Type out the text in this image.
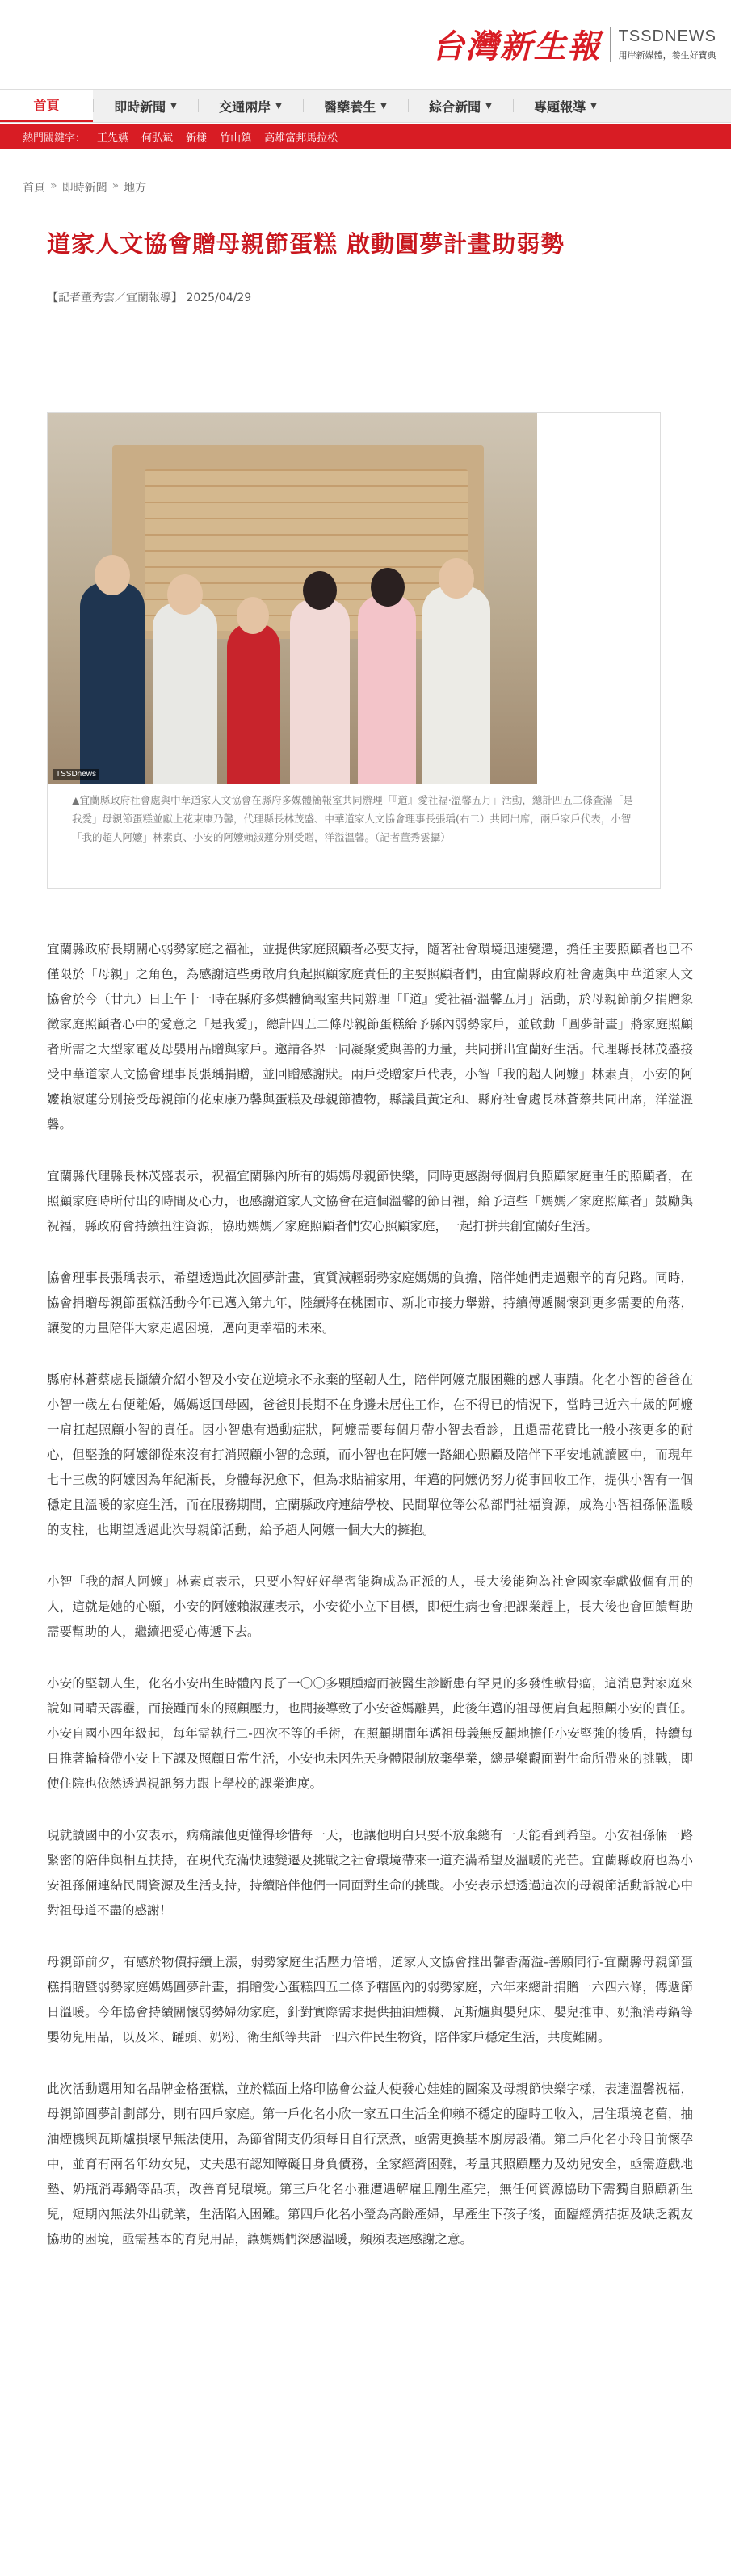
台灣新生報 TSSDNEWS
用岸新媒體，養生好寶典
首頁	即時新聞 ▼	交通兩岸 ▼	醫藥養生 ▼	綜合新聞 ▼	專題報導 ▼
熱門關鍵字： 王先嬿 何弘斌 新樣 竹山鎮 高雄富邦馬拉松
首頁 » 即時新聞 » 地方
道家人文協會贈母親節蛋糕 啟動圓夢計畫助弱勢
【記者董秀雲／宜蘭報導】 2025/04/29
TSSDnews
▲宜蘭縣政府社會處與中華道家人文協會在縣府多媒體簡報室共同辦理「『道』愛社福‧溫馨五月」活動，總計四五二條查滿「是我愛」母親節蛋糕並獻上花束康乃馨，代理縣長林茂盛、中華道家人文協會理事長張瑀(右二）共同出席，兩戶家戶代表，小智「我的超人阿嬤」林素貞、小安的阿嬤賴淑蓮分別受贈，洋溢溫馨。（記者董秀雲攝）

宜蘭縣政府長期關心弱勢家庭之福祉，並提供家庭照顧者必要支持，隨著社會環境迅速變遷，擔任主要照顧者也已不僅限於「母親」之角色，為感謝這些勇敢肩負起照顧家庭責任的主要照顧者們，由宜蘭縣政府社會處與中華道家人文協會於今（廿九）日上午十一時在縣府多媒體簡報室共同辦理「『道』愛社福‧溫馨五月」活動，於母親節前夕捐贈象徵家庭照顧者心中的愛意之「是我愛」，總計四五二條母親節蛋糕給予縣內弱勢家戶，並啟動「圓夢計畫」將家庭照顧者所需之大型家電及母嬰用品贈與家戶。邀請各界一同凝聚愛與善的力量，共同拼出宜蘭好生活。代理縣長林茂盛接受中華道家人文協會理事長張瑀捐贈，並回贈感謝狀。兩戶受贈家戶代表，小智「我的超人阿嬤」林素貞，小安的阿嬤賴淑蓮分別接受母親節的花束康乃馨與蛋糕及母親節禮物，縣議員黃定和、縣府社會處長林蒼蔡共同出席，洋溢溫馨。

宜蘭縣代理縣長林茂盛表示，祝福宜蘭縣內所有的媽媽母親節快樂，同時更感謝每個肩負照顧家庭重任的照顧者，在照顧家庭時所付出的時間及心力，也感謝道家人文協會在這個溫馨的節日裡，給予這些「媽媽／家庭照顧者」鼓勵與祝福，縣政府會持續扭注資源，協助媽媽／家庭照顧者們安心照顧家庭，一起打拼共創宜蘭好生活。

協會理事長張瑀表示，希望透過此次圓夢計畫，實質減輕弱勢家庭媽媽的負擔，陪伴她們走過艱辛的育兒路。同時，協會捐贈母親節蛋糕活動今年已邁入第九年，陸續將在桃園市、新北市接力舉辦，持續傳遞關懷到更多需要的角落，讓愛的力量陪伴大家走過困境，邁向更幸福的未來。

縣府林蒼蔡處長擷續介紹小智及小安在逆境永不永棄的堅韌人生，陪伴阿嬤克服困難的感人事蹟。化名小智的爸爸在小智一歲左右便離婚，媽媽返回母國，爸爸則長期不在身邊未居住工作，在不得已的情況下，當時已近六十歲的阿嬤一肩扛起照顧小智的責任。因小智患有過動症狀，阿嬤需要每個月帶小智去看診，且還需花費比一般小孩更多的耐心，但堅強的阿嬤卻從來沒有打消照顧小智的念頭，而小智也在阿嬤一路細心照顧及陪伴下平安地就讀國中，而現年七十三歲的阿嬤因為年紀漸長，身體每況愈下，但為求貼補家用，年邁的阿嬤仍努力從事回收工作，提供小智有一個穩定且溫暖的家庭生活，而在服務期間，宜蘭縣政府連結學校、民間單位等公私部門社福資源，成為小智祖孫倆溫暖的支柱，也期望透過此次母親節活動，給予超人阿嬤一個大大的擁抱。

小智「我的超人阿嬤」林素貞表示，只要小智好好學習能夠成為正派的人，長大後能夠為社會國家奉獻做個有用的人，這就是她的心願，小安的阿嬤賴淑蓮表示，小安從小立下目標，即便生病也會把課業趕上，長大後也會回饋幫助需要幫助的人，繼續把愛心傳遞下去。

小安的堅韌人生，化名小安出生時體內長了一〇〇多顆腫瘤而被醫生診斷患有罕見的多發性軟骨瘤，這消息對家庭來說如同晴天霹靂，而接踵而來的照顧壓力，也間接導致了小安爸媽離異，此後年邁的祖母便肩負起照顧小安的責任。小安自國小四年級起，每年需執行二-四次不等的手術，在照顧期間年邁祖母義無反顧地擔任小安堅強的後盾，持續每日推著輪椅帶小安上下課及照顧日常生活，小安也未因先天身體限制放棄學業，總是樂觀面對生命所帶來的挑戰，即使住院也依然透過視訊努力跟上學校的課業進度。

現就讀國中的小安表示，病痛讓他更懂得珍惜每一天，也讓他明白只要不放棄總有一天能看到希望。小安祖孫倆一路緊密的陪伴與相互扶持，在現代充滿快速變遷及挑戰之社會環境帶來一道充滿希望及溫暖的光芒。宜蘭縣政府也為小安祖孫倆連結民間資源及生活支持，持續陪伴他們一同面對生命的挑戰。小安表示想透過這次的母親節活動訴說心中對祖母道不盡的感謝！

母親節前夕，有感於物價持續上漲，弱勢家庭生活壓力倍增，道家人文協會推出馨香滿溢-善願同行-宜蘭縣母親節蛋糕捐贈暨弱勢家庭媽媽圓夢計畫，捐贈愛心蛋糕四五二條予轄區內的弱勢家庭，六年來總計捐贈一六四六條，傳遞節日溫暖。今年協會持續關懷弱勢婦幼家庭，針對實際需求提供抽油煙機、瓦斯爐與嬰兒床、嬰兒推車、奶瓶消毒鍋等嬰幼兒用品，以及米、罐頭、奶粉、衛生紙等共計一四六件民生物資，陪伴家戶穩定生活，共度難關。

此次活動選用知名品牌金格蛋糕，並於糕面上烙印協會公益大使發心娃娃的圖案及母親節快樂字樣，表達溫馨祝福，母親節圓夢計劃部分，則有四戶家庭。第一戶化名小欣一家五口生活全仰賴不穩定的臨時工收入，居住環境老舊，抽油煙機與瓦斯爐損壞早無法使用，為節省開支仍須每日自行烹煮，亟需更換基本廚房設備。第二戶化名小玲目前懷孕中，並育有兩名年幼女兒，丈夫患有認知障礙目身負債務，全家經濟困難，考量其照顧壓力及幼兒安全，亟需遊戲地墊、奶瓶消毒鍋等品項，改善育兒環境。第三戶化名小雅遭遇解雇且剛生產完，無任何資源協助下需獨自照顧新生兒，短期內無法外出就業，生活陷入困難。第四戶化名小瑩為高齡產婦，早產生下孩子後，面臨經濟拮据及缺乏親友協助的困境，亟需基本的育兒用品，讓媽媽們深感溫暖，頻頻表達感謝之意。
